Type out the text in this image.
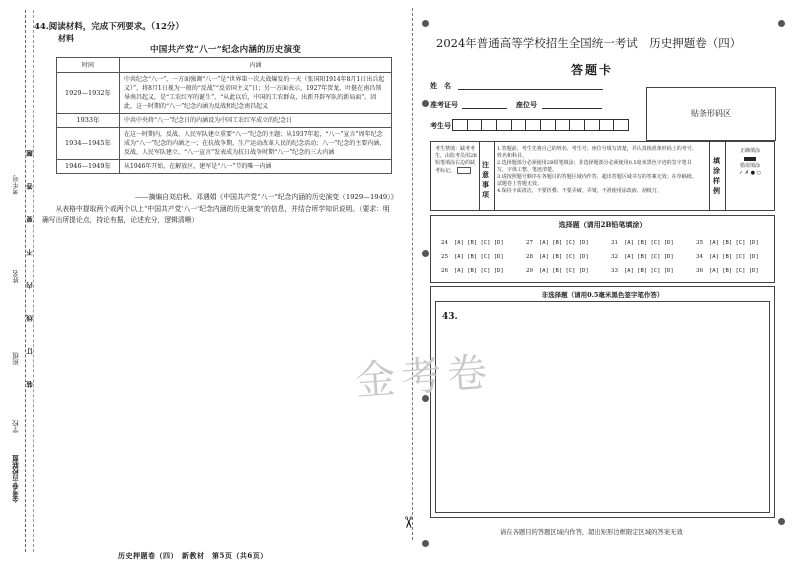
学校
班级
姓名
考生号
金考卷·百校联盟
装　订　线　内　不　要　答　题
44.阅读材料，完成下列要求。（12分）
材料
中国共产党“八一”纪念内涵的历史演变
时间	内涵
1929—1932年	中共纪念“八一”，一方面强调“八一”是“世界第一次大战爆发的一天（张国阳1914年8月1日出兵起义）”，将8月1日视为一般的“反战”“反帝国主义”日；另一方面表示，1927年贺龙、叶挺在南昌领导南昌起义，是“工农红军的诞生”，“从此以后，中国的工农群众，出新开辟军队的新局面”。因此，这一时期的“八一”纪念内涵为反战和纪念南昌起义
1933年	中共中央将“八一”纪念日的内涵设为中国工农红军成立的纪念日
1934—1945年	在这一时期内，反战、人民军队建立重要“八一”纪念的主题；从1937年起，“八一”宣言”周年纪念成为“八一”纪念的内涵之一；在抗战争期，生产运动改革人民的纪念活动；八一”纪念的主要内涵，反战，人民军队建立、“八一宣言”发表成为抗日战争时期“八一”纪念的三大内涵
1946—1949年	从1946年开始，在解放区，建军是“八一”节的唯一内涵
——摘编自刘启秋、邓遇娟《中国共产党“八一”纪念内涵的历史演变（1929—1949）》
从表格中提取两个或两个以上“中国共产党‘八一’纪念内涵的历史演变”的信息，并结合所学知识说明。（要求：明确写出所提论点，持论有据，论述充分，逻辑清晰）
历史押题卷（四）　新教材　第5页（共6页）
✂
2024年普通高等学校招生全国统一考试　历史押题卷（四）
答题卡
姓　名
准考证号	座位号
贴条形码区
考生号
考生禁填：缺考考生，由监考员用2B铅笔填涂右边的缺考标记。
注意事项
1.答题前，考生先将自己的姓名、考生号、座位号填写清楚，并认真核准条形码上的考号、姓名和科目。
2.选择题部分必须使用2B铅笔填涂；非选择题部分必须使用0.5毫米黑色字迹的签字笔书写，字体工整、笔迹清楚。
3.请按照题号顺序在各题目的答题区域内作答，超出答题区域书写的答案无效；在草稿纸、试题卷上答题无效。
4.保持卡面清洁，不要折叠、不要弄破、弄皱，不准使用涂改液、刮纸刀。
填涂样例
正确填涂
错误填涂
✓ ✗ ● ○
选择题（请用2B铅笔填涂）
24 [A] [B] [C] [D]	27 [A] [B] [C] [D]	31 [A] [B] [C] [D]	35 [A] [B] [C] [D]
25 [A] [B] [C] [D]	28 [A] [B] [C] [D]	32 [A] [B] [C] [D]	34 [A] [B] [C] [D]
26 [A] [B] [C] [D]	29 [A] [B] [C] [D]	33 [A] [B] [C] [D]	36 [A] [B] [C] [D]
非选择题（请用0.5毫米黑色签字笔作答）
43.
金考卷
请在各题目的答题区域内作答，超出矩形边框限定区域的答案无效
